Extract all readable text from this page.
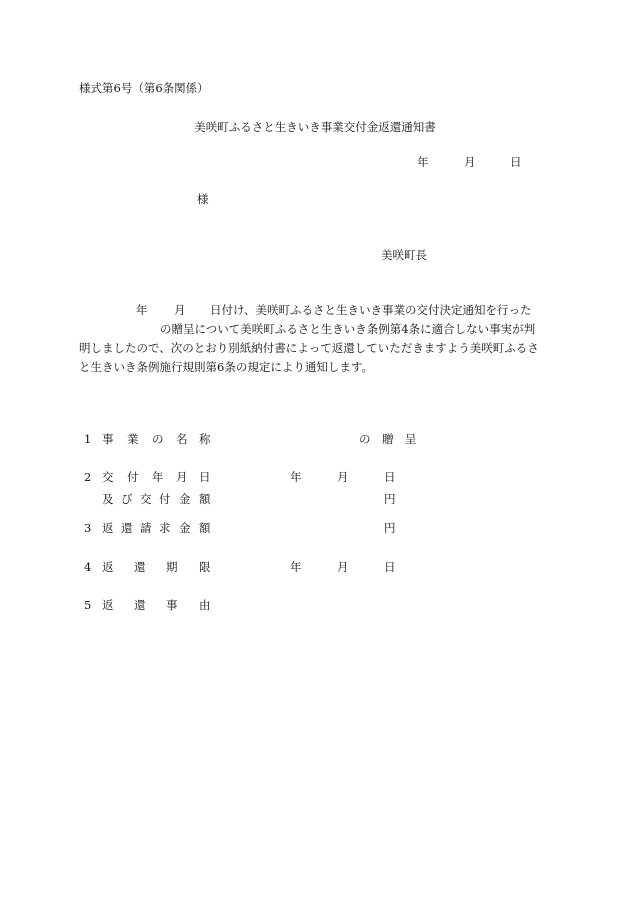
様式第6号（第6条関係）
美咲町ふるさと生きいき事業交付金返還通知書
年	月	日
様
美咲町長
年 月 日付け、美咲町ふるさと生きいき事業の交付決定通知を行った
の贈呈について美咲町ふるさと生きいき条例第4条に適合しない事実が判
明しましたので、次のとおり別紙納付書によって返還していただきますよう美咲町ふるさ
と生きいき条例施行規則第6条の規定により通知します。
1 事 業 の 名 称	の　贈　呈
2 交 付 年 月 日	年	月	日
及 び 交 付 金 額	円
3 返 還 請 求 金 額	円
4 返 還 期 限	年	月	日
5 返 還 事 由
